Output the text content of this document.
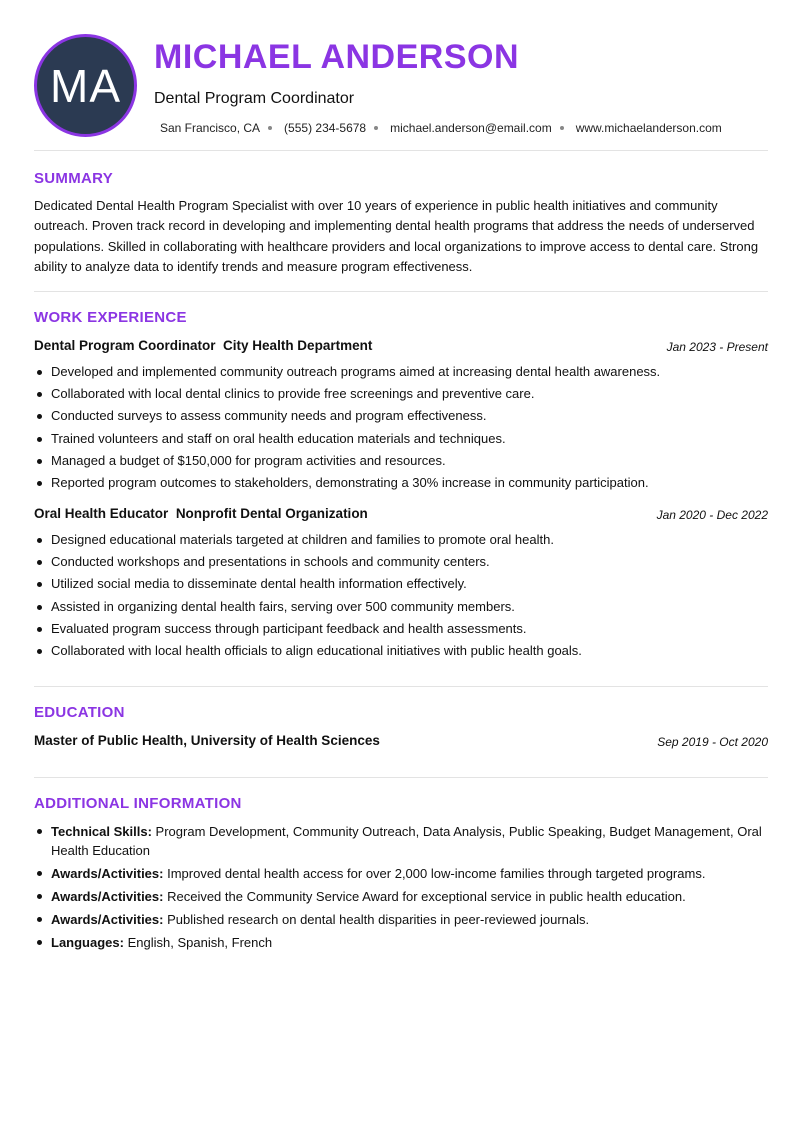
MA
MICHAEL ANDERSON
Dental Program Coordinator
San Francisco, CA (555) 234-5678 michael.anderson@email.com www.michaelanderson.com
SUMMARY

Dedicated Dental Health Program Specialist with over 10 years of experience in public health initiatives and community outreach. Proven track record in developing and implementing dental health programs that address the needs of underserved populations. Skilled in collaborating with healthcare providers and local organizations to improve access to dental care. Strong ability to analyze data to identify trends and measure program effectiveness.

WORK EXPERIENCE
Dental Program Coordinator City Health Department	Jan 2023 - Present
Developed and implemented community outreach programs aimed at increasing dental health awareness.
Collaborated with local dental clinics to provide free screenings and preventive care.
Conducted surveys to assess community needs and program effectiveness.
Trained volunteers and staff on oral health education materials and techniques.
Managed a budget of $150,000 for program activities and resources.
Reported program outcomes to stakeholders, demonstrating a 30% increase in community participation.
Oral Health Educator Nonprofit Dental Organization	Jan 2020 - Dec 2022
Designed educational materials targeted at children and families to promote oral health.
Conducted workshops and presentations in schools and community centers.
Utilized social media to disseminate dental health information effectively.
Assisted in organizing dental health fairs, serving over 500 community members.
Evaluated program success through participant feedback and health assessments.
Collaborated with local health officials to align educational initiatives with public health goals.
EDUCATION
Master of Public Health, University of Health Sciences	Sep 2019 - Oct 2020
ADDITIONAL INFORMATION
Technical Skills: Program Development, Community Outreach, Data Analysis, Public Speaking, Budget Management, Oral Health Education
Awards/Activities: Improved dental health access for over 2,000 low-income families through targeted programs.
Awards/Activities: Received the Community Service Award for exceptional service in public health education.
Awards/Activities: Published research on dental health disparities in peer-reviewed journals.
Languages: English, Spanish, French
